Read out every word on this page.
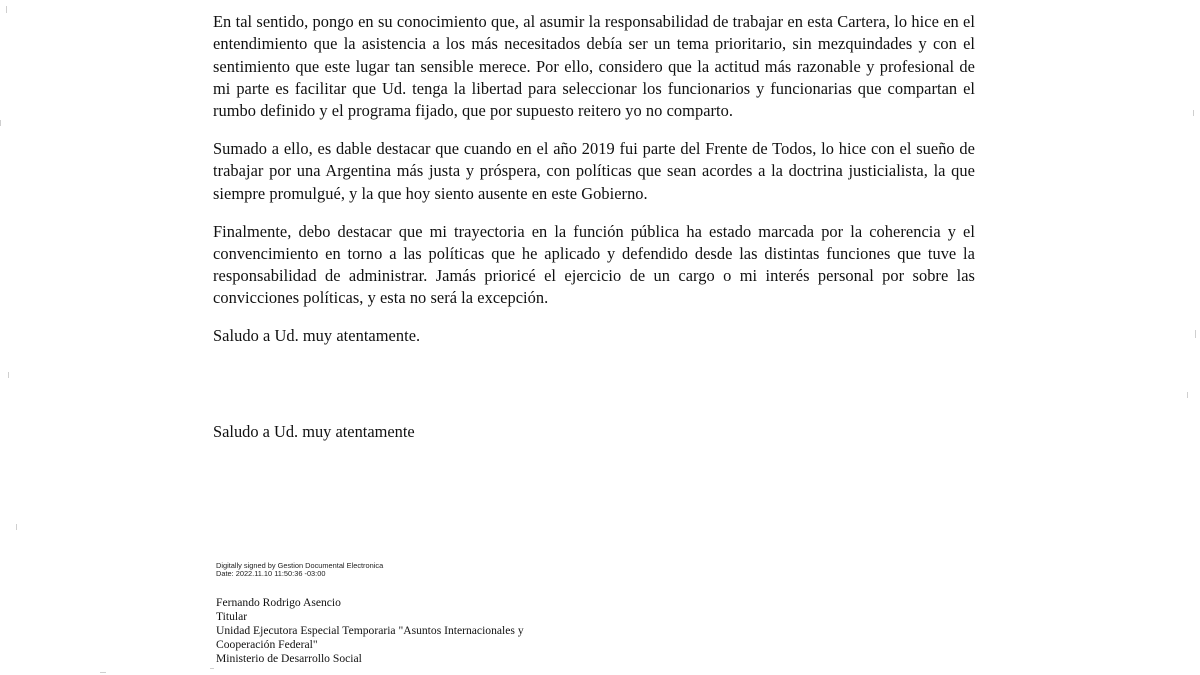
En tal sentido, pongo en su conocimiento que, al asumir la responsabilidad de trabajar en esta Cartera, lo hice en el entendimiento que la asistencia a los más necesitados debía ser un tema prioritario, sin mezquindades y con el sentimiento que este lugar tan sensible merece. Por ello, considero que la actitud más razonable y profesional de mi parte es facilitar que Ud. tenga la libertad para seleccionar los funcionarios y funcionarias que compartan el rumbo definido y el programa fijado, que por supuesto reitero yo no comparto.

Sumado a ello, es dable destacar que cuando en el año 2019 fui parte del Frente de Todos, lo hice con el sueño de trabajar por una Argentina más justa y próspera, con políticas que sean acordes a la doctrina justicialista, la que siempre promulgué, y la que hoy siento ausente en este Gobierno.

Finalmente, debo destacar que mi trayectoria en la función pública ha estado marcada por la coherencia y el convencimiento en torno a las políticas que he aplicado y defendido desde las distintas funciones que tuve la responsabilidad de administrar. Jamás prioricé el ejercicio de un cargo o mi interés personal por sobre las convicciones políticas, y esta no será la excepción.

Saludo a Ud. muy atentamente.

Saludo a Ud. muy atentamente
Digitally signed by Gestion Documental Electronica
Date: 2022.11.10 11:50:36 -03:00
Fernando Rodrigo Asencio
Titular
Unidad Ejecutora Especial Temporaria "Asuntos Internacionales y
Cooperación Federal"
Ministerio de Desarrollo Social
